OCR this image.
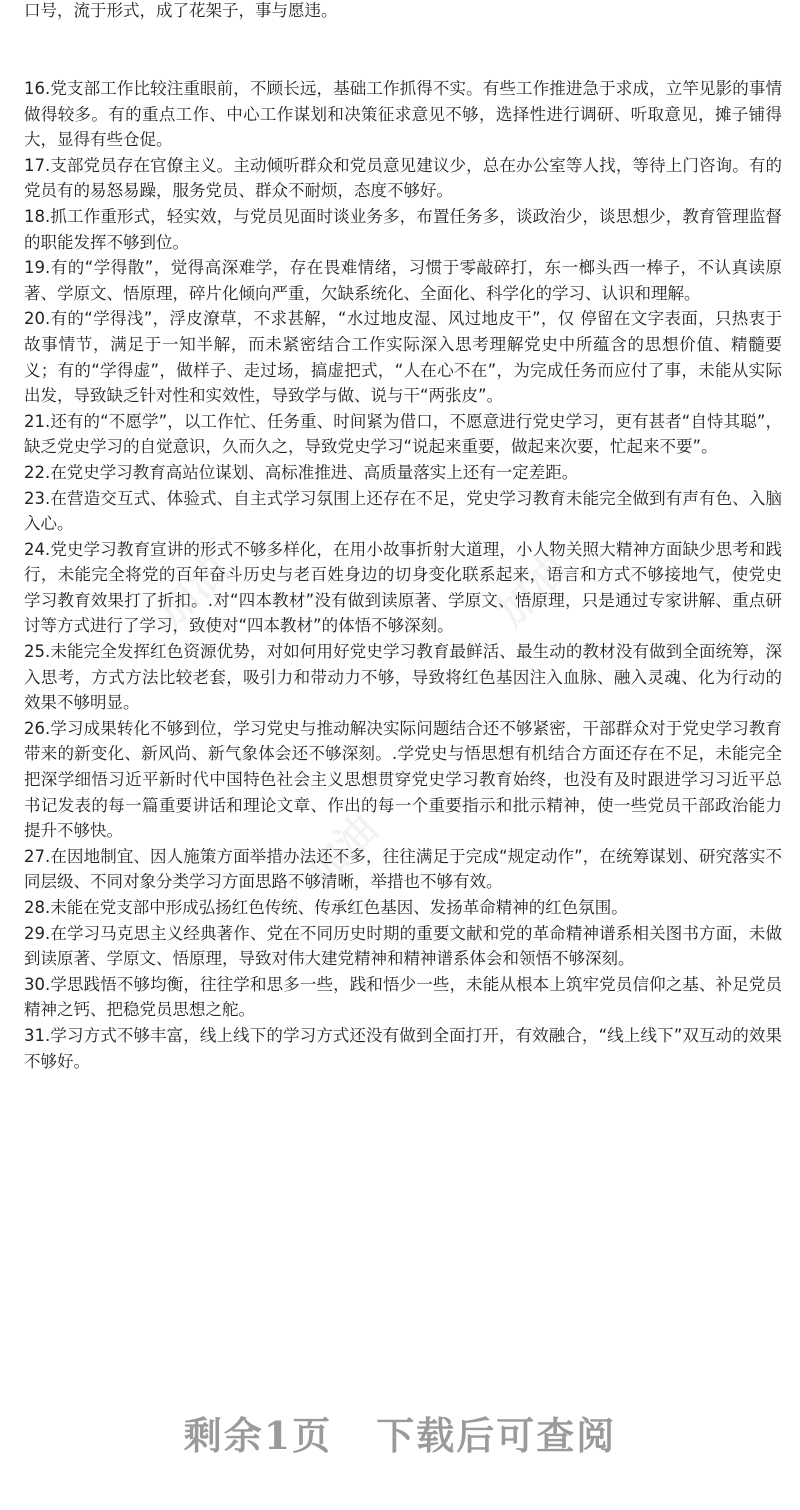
加油	加油
加油
口号，流于形式，成了花架子，事与愿违。

16.党支部工作比较注重眼前，不顾长远，基础工作抓得不实。有些工作推进急于求成，立竿见影的事情做得较多。有的重点工作、中心工作谋划和决策征求意见不够，选择性进行调研、听取意见，摊子铺得大，显得有些仓促。

17.支部党员存在官僚主义。主动倾听群众和党员意见建议少，总在办公室等人找，等待上门咨询。有的党员有的易怒易躁，服务党员、群众不耐烦，态度不够好。

18.抓工作重形式，轻实效，与党员见面时谈业务多，布置任务多，谈政治少，谈思想少，教育管理监督的职能发挥不够到位。

19.有的“学得散”，觉得高深难学，存在畏难情绪，习惯于零敲碎打，东一榔头西一棒子，不认真读原著、学原文、悟原理，碎片化倾向严重，欠缺系统化、全面化、科学化的学习、认识和理解。

20.有的“学得浅”，浮皮潦草，不求甚解，“水过地皮湿、风过地皮干”，仅 停留在文字表面，只热衷于故事情节，满足于一知半解，而未紧密结合工作实际深入思考理解党史中所蕴含的思想价值、精髓要义；有的“学得虚”，做样子、走过场，搞虚把式，“人在心不在”，为完成任务而应付了事，未能从实际出发，导致缺乏针对性和实效性，导致学与做、说与干“两张皮”。

21.还有的“不愿学”，以工作忙、任务重、时间紧为借口，不愿意进行党史学习，更有甚者“自恃其聪”，缺乏党史学习的自觉意识，久而久之，导致党史学习“说起来重要，做起来次要，忙起来不要”。

22.在党史学习教育高站位谋划、高标准推进、高质量落实上还有一定差距。

23.在营造交互式、体验式、自主式学习氛围上还存在不足，党史学习教育未能完全做到有声有色、入脑入心。

24.党史学习教育宣讲的形式不够多样化，在用小故事折射大道理，小人物关照大精神方面缺少思考和践行，未能完全将党的百年奋斗历史与老百姓身边的切身变化联系起来，语言和方式不够接地气，使党史学习教育效果打了折扣。.对“四本教材”没有做到读原著、学原文、悟原理，只是通过专家讲解、重点研讨等方式进行了学习，致使对“四本教材”的体悟不够深刻。

25.未能完全发挥红色资源优势，对如何用好党史学习教育最鲜活、最生动的教材没有做到全面统筹，深入思考，方式方法比较老套，吸引力和带动力不够，导致将红色基因注入血脉、融入灵魂、化为行动的效果不够明显。

26.学习成果转化不够到位，学习党史与推动解决实际问题结合还不够紧密，干部群众对于党史学习教育带来的新变化、新风尚、新气象体会还不够深刻。.学党史与悟思想有机结合方面还存在不足，未能完全把深学细悟习近平新时代中国特色社会主义思想贯穿党史学习教育始终，也没有及时跟进学习习近平总书记发表的每一篇重要讲话和理论文章、作出的每一个重要指示和批示精神，使一些党员干部政治能力提升不够快。

27.在因地制宜、因人施策方面举措办法还不多，往往满足于完成“规定动作”，在统筹谋划、研究落实不同层级、不同对象分类学习方面思路不够清晰，举措也不够有效。

28.未能在党支部中形成弘扬红色传统、传承红色基因、发扬革命精神的红色氛围。

29.在学习马克思主义经典著作、党在不同历史时期的重要文献和党的革命精神谱系相关图书方面，未做到读原著、学原文、悟原理，导致对伟大建党精神和精神谱系体会和领悟不够深刻。

30.学思践悟不够均衡，往往学和思多一些，践和悟少一些，未能从根本上筑牢党员信仰之基、补足党员精神之钙、把稳党员思想之舵。

31.学习方式不够丰富，线上线下的学习方式还没有做到全面打开，有效融合，“线上线下”双互动的效果不够好。

剩余1页 下载后可查阅
